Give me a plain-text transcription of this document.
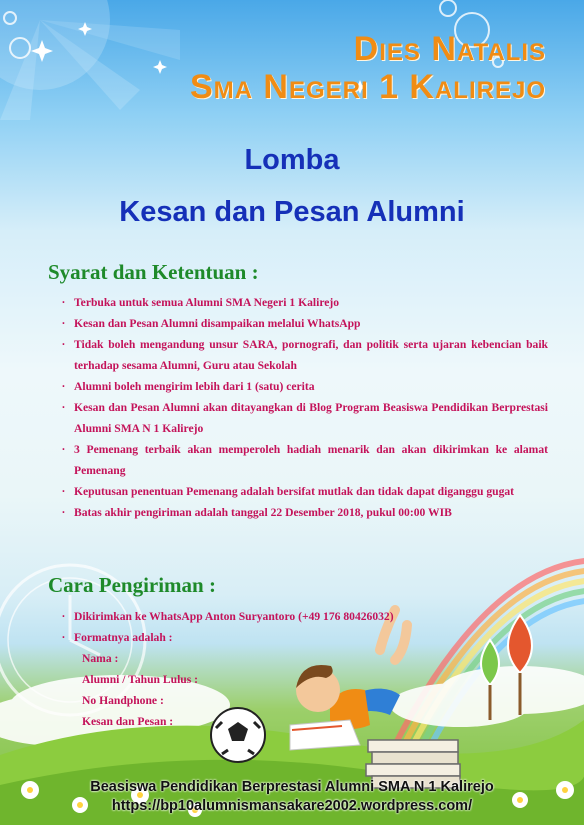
Dies Natalis
Sma Negeri 1 Kalirejo
Lomba
Kesan dan Pesan Alumni
Syarat dan Ketentuan :
. Terbuka untuk semua Alumni SMA Negeri 1 Kalirejo
. Kesan dan Pesan Alumni disampaikan melalui WhatsApp
. Tidak boleh mengandung unsur SARA, pornografi, dan politik serta ujaran kebencian baik terhadap sesama Alumni, Guru atau Sekolah
. Alumni boleh mengirim lebih dari 1 (satu) cerita
. Kesan dan Pesan Alumni akan ditayangkan di Blog Program Beasiswa Pendidikan Berprestasi Alumni SMA N 1 Kalirejo
. 3 Pemenang terbaik akan memperoleh hadiah menarik dan akan dikirimkan ke alamat Pemenang
. Keputusan penentuan Pemenang adalah bersifat mutlak dan tidak dapat diganggu gugat
. Batas akhir pengiriman adalah tanggal 22 Desember 2018, pukul 00:00 WIB
Cara Pengiriman :
. Dikirimkan ke WhatsApp Anton Suryantoro (+49 176 80426032)
. Formatnya adalah :
Nama :
Alumni / Tahun Lulus :
No Handphone :
Kesan dan Pesan :
Beasiswa Pendidikan Berprestasi Alumni SMA N 1 Kalirejo
https://bp10alumnismansakare2002.wordpress.com/
